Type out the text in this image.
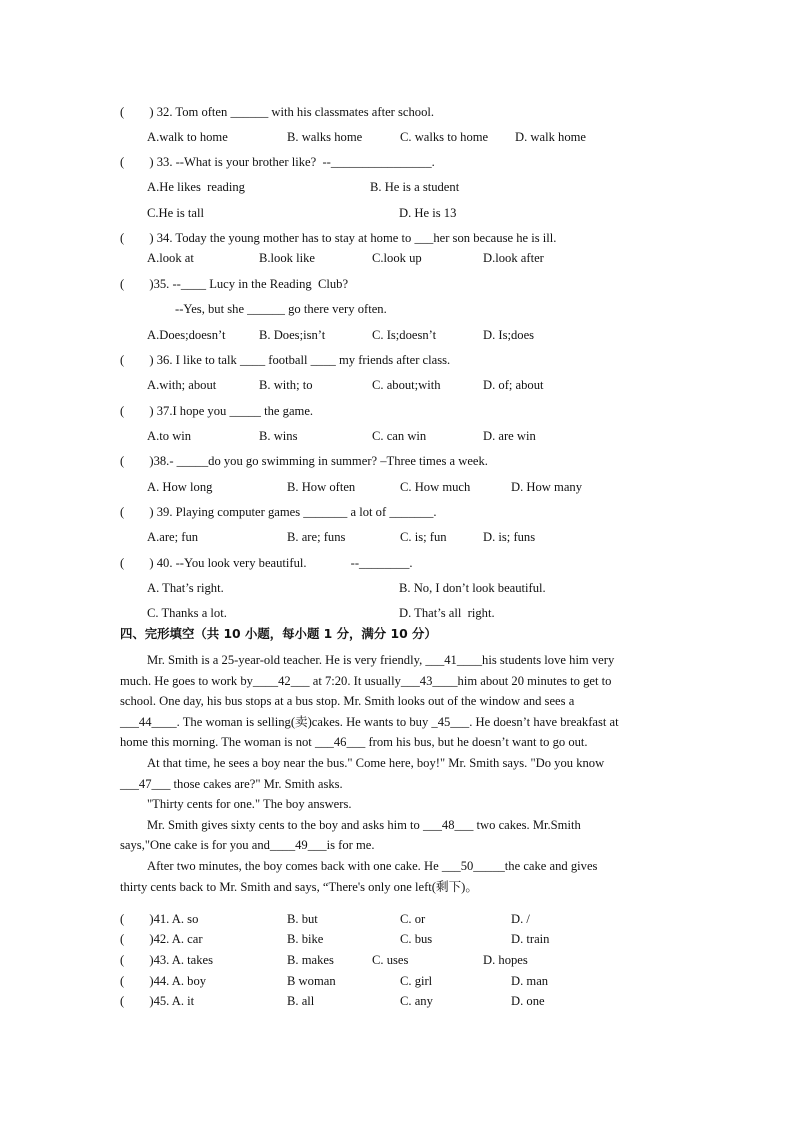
(        ) 32. Tom often ______ with his classmates after school.
A.walk to home	B. walks home	C. walks to home D. walk home
(        ) 33. --What is your brother like?  --________________.
A.He likes  reading	B. He is a student
C.He is tall	D. He is 13
(        ) 34. Today the young mother has to stay at home to ___her son because he is ill.
A.look at	B.look like	C.look up	D.look after
(        )35. --____ Lucy in the Reading  Club?
--Yes, but she ______ go there very often.
A.Does;doesn’t	B. Does;isn’t	C. Is;doesn’t	D. Is;does
(        ) 36. I like to talk ____ football ____ my friends after class.
A.with; about	B. with; to	C. about;with	D. of; about
(        ) 37.I hope you _____ the game.
A.to win	B. wins	C. can win	D. are win
(        )38.- _____do you go swimming in summer? –Three times a week.
A. How long	B. How often	C. How much	D. How many
(        ) 39. Playing computer games _______ a lot of _______.
A.are; fun	B. are; funs	C. is; fun	D. is; funs
(        ) 40. --You look very beautiful.              --________.
A. That’s right.	B. No, I don’t look beautiful.
C. Thanks a lot.	D. That’s all  right.
四、完形填空（共 10 小题，每小题 1 分，满分 10 分）
Mr. Smith is a 25-year-old teacher. He is very friendly, ___41____his students love him very
much. He goes to work by____42___ at 7:20. It usually___43____him about 20 minutes to get to
school. One day, his bus stops at a bus stop. Mr. Smith looks out of the window and sees a
___44____. The woman is selling(卖)cakes. He wants to buy _45___. He doesn’t have breakfast at
home this morning. The woman is not ___46___ from his bus, but he doesn’t want to go out.
At that time, he sees a boy near the bus." Come here, boy!" Mr. Smith says. "Do you know
___47___ those cakes are?" Mr. Smith asks.
"Thirty cents for one." The boy answers.
Mr. Smith gives sixty cents to the boy and asks him to ___48___ two cakes. Mr.Smith
says,"One cake is for you and____49___is for me.
After two minutes, the boy comes back with one cake. He ___50_____the cake and gives
thirty cents back to Mr. Smith and says, “There's only one left(剩下)。
(        )41. A. so	B. but	C. or	D. /
(        )42. A. car	B. bike	C. bus	D. train
(        )43. A. takes	B. makes	C. uses	D. hopes
(        )44. A. boy	B woman	C. girl	D. man
(        )45. A. it	B. all	C. any	D. one
